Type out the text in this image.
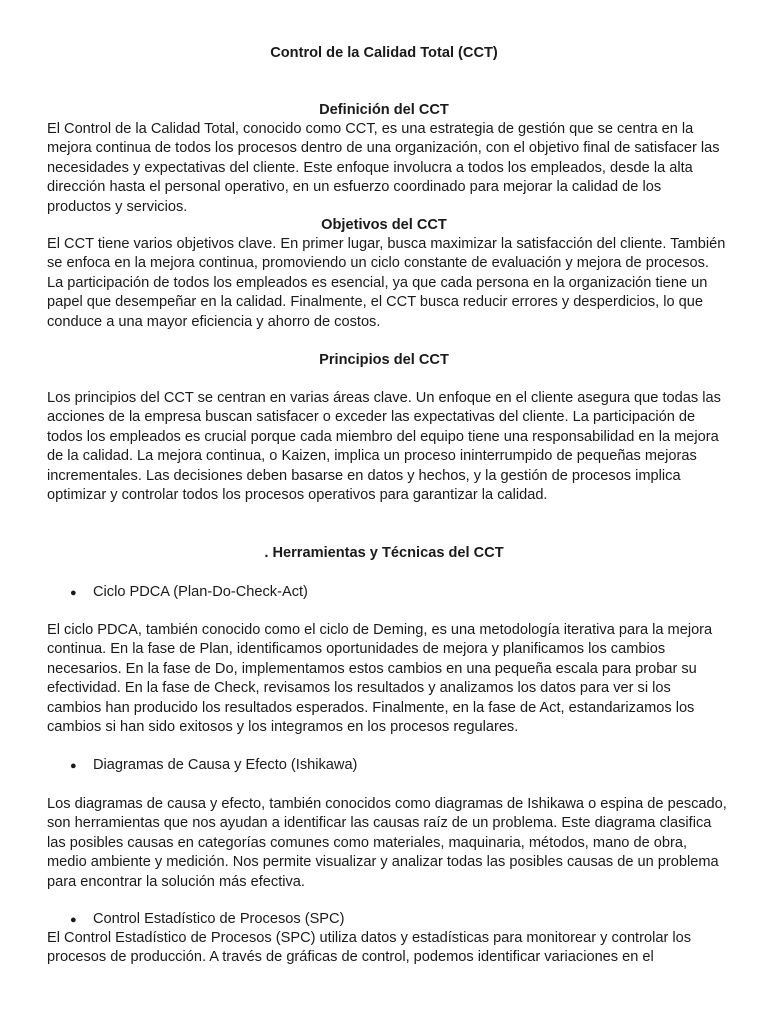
Control de la Calidad Total (CCT)
Definición del CCT

El Control de la Calidad Total, conocido como CCT, es una estrategia de gestión que se centra en la mejora continua de todos los procesos dentro de una organización, con el objetivo final de satisfacer las necesidades y expectativas del cliente. Este enfoque involucra a todos los empleados, desde la alta dirección hasta el personal operativo, en un esfuerzo coordinado para mejorar la calidad de los productos y servicios.

Objetivos del CCT

El CCT tiene varios objetivos clave. En primer lugar, busca maximizar la satisfacción del cliente. También se enfoca en la mejora continua, promoviendo un ciclo constante de evaluación y mejora de procesos. La participación de todos los empleados es esencial, ya que cada persona en la organización tiene un papel que desempeñar en la calidad. Finalmente, el CCT busca reducir errores y desperdicios, lo que conduce a una mayor eficiencia y ahorro de costos.

Principios del CCT

Los principios del CCT se centran en varias áreas clave. Un enfoque en el cliente asegura que todas las acciones de la empresa buscan satisfacer o exceder las expectativas del cliente. La participación de todos los empleados es crucial porque cada miembro del equipo tiene una responsabilidad en la mejora de la calidad. La mejora continua, o Kaizen, implica un proceso ininterrumpido de pequeñas mejoras incrementales. Las decisiones deben basarse en datos y hechos, y la gestión de procesos implica optimizar y controlar todos los procesos operativos para garantizar la calidad.

. Herramientas y Técnicas del CCT
●	Ciclo PDCA (Plan-Do-Check-Act)

El ciclo PDCA, también conocido como el ciclo de Deming, es una metodología iterativa para la mejora continua. En la fase de Plan, identificamos oportunidades de mejora y planificamos los cambios necesarios. En la fase de Do, implementamos estos cambios en una pequeña escala para probar su efectividad. En la fase de Check, revisamos los resultados y analizamos los datos para ver si los cambios han producido los resultados esperados. Finalmente, en la fase de Act, estandarizamos los cambios si han sido exitosos y los integramos en los procesos regulares.

●	Diagramas de Causa y Efecto (Ishikawa)

Los diagramas de causa y efecto, también conocidos como diagramas de Ishikawa o espina de pescado, son herramientas que nos ayudan a identificar las causas raíz de un problema. Este diagrama clasifica las posibles causas en categorías comunes como materiales, maquinaria, métodos, mano de obra, medio ambiente y medición. Nos permite visualizar y analizar todas las posibles causas de un problema para encontrar la solución más efectiva.

●	Control Estadístico de Procesos (SPC)

El Control Estadístico de Procesos (SPC) utiliza datos y estadísticas para monitorear y controlar los procesos de producción. A través de gráficas de control, podemos identificar variaciones en el
